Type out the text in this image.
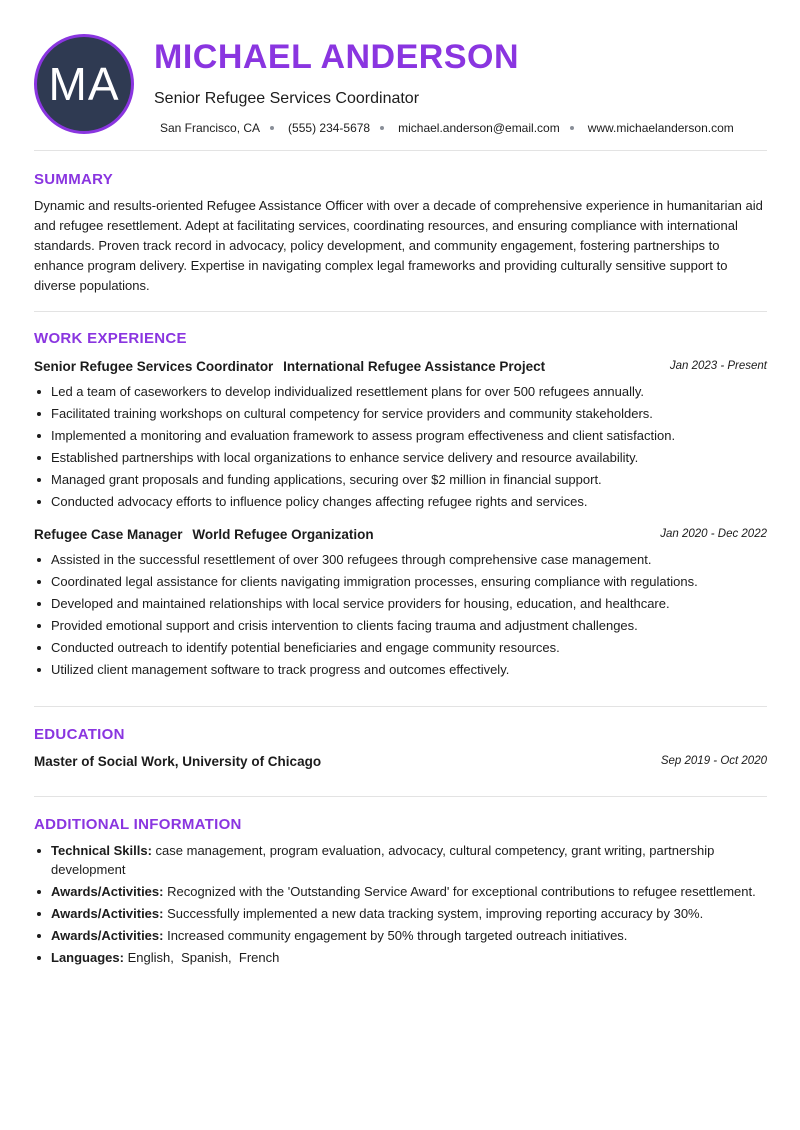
MA
MICHAEL ANDERSON
Senior Refugee Services Coordinator
San Francisco, CA (555) 234-5678 michael.anderson@email.com www.michaelanderson.com
SUMMARY

Dynamic and results-oriented Refugee Assistance Officer with over a decade of comprehensive experience in humanitarian aid and refugee resettlement. Adept at facilitating services, coordinating resources, and ensuring compliance with international standards. Proven track record in advocacy, policy development, and community engagement, fostering partnerships to enhance program delivery. Expertise in navigating complex legal frameworks and providing culturally sensitive support to diverse populations.

WORK EXPERIENCE
Senior Refugee Services Coordinator International Refugee Assistance Project	Jan 2023 - Present
Led a team of caseworkers to develop individualized resettlement plans for over 500 refugees annually.
Facilitated training workshops on cultural competency for service providers and community stakeholders.
Implemented a monitoring and evaluation framework to assess program effectiveness and client satisfaction.
Established partnerships with local organizations to enhance service delivery and resource availability.
Managed grant proposals and funding applications, securing over $2 million in financial support.
Conducted advocacy efforts to influence policy changes affecting refugee rights and services.
Refugee Case Manager World Refugee Organization	Jan 2020 - Dec 2022
Assisted in the successful resettlement of over 300 refugees through comprehensive case management.
Coordinated legal assistance for clients navigating immigration processes, ensuring compliance with regulations.
Developed and maintained relationships with local service providers for housing, education, and healthcare.
Provided emotional support and crisis intervention to clients facing trauma and adjustment challenges.
Conducted outreach to identify potential beneficiaries and engage community resources.
Utilized client management software to track progress and outcomes effectively.
EDUCATION
Master of Social Work, University of Chicago	Sep 2019 - Oct 2020
ADDITIONAL INFORMATION
Technical Skills: case management, program evaluation, advocacy, cultural competency, grant writing, partnership development
Awards/Activities: Recognized with the 'Outstanding Service Award' for exceptional contributions to refugee resettlement.
Awards/Activities: Successfully implemented a new data tracking system, improving reporting accuracy by 30%.
Awards/Activities: Increased community engagement by 50% through targeted outreach initiatives.
Languages: English,  Spanish,  French
